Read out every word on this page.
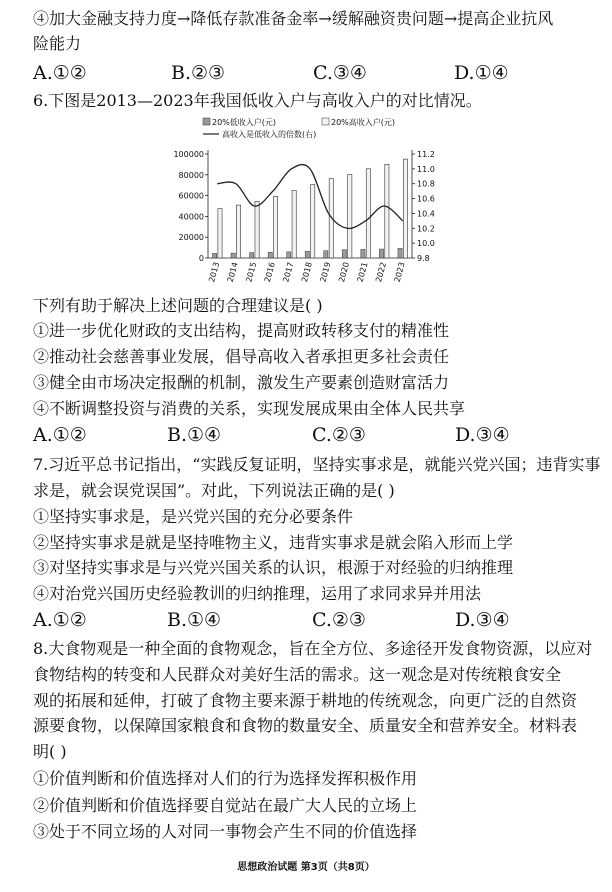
④加大金融支持力度→降低存款准备金率→缓解融资贵问题→提高企业抗风
险能力
A.①②	B.②③	C.③④	D.①④
6.下图是2013—2023年我国低收入户与高收入户的对比情况。
20%低收入户(元)	20%高收入户(元)
高收入是低收入的倍数(右)
100000
80000
60000
40000
20000
0
11.2
11.0
10.8
10.6
10.4
10.2
10.0
9.8
2013 2014 2015 2016 2017 2018 2019 2020 2021 2022 2023
下列有助于解决上述问题的合理建议是( )
①进一步优化财政的支出结构，提高财政转移支付的精准性
②推动社会慈善事业发展，倡导高收入者承担更多社会责任
③健全由市场决定报酬的机制，激发生产要素创造财富活力
④不断调整投资与消费的关系，实现发展成果由全体人民共享
A.①②	B.①④	C.②③	D.③④
7.习近平总书记指出，“实践反复证明，坚持实事求是，就能兴党兴国；违背实事
求是，就会误党误国”。对此，下列说法正确的是( )
①坚持实事求是，是兴党兴国的充分必要条件
②坚持实事求是就是坚持唯物主义，违背实事求是就会陷入形而上学
③对坚持实事求是与兴党兴国关系的认识，根源于对经验的归纳推理
④对治党兴国历史经验教训的归纳推理，运用了求同求异并用法
A.①②	B.①④	C.②③	D.③④
8.大食物观是一种全面的食物观念，旨在全方位、多途径开发食物资源，以应对
食物结构的转变和人民群众对美好生活的需求。这一观念是对传统粮食安全
观的拓展和延伸，打破了食物主要来源于耕地的传统观念，向更广泛的自然资
源要食物，以保障国家粮食和食物的数量安全、质量安全和营养安全。材料表
明( )
①价值判断和价值选择对人们的行为选择发挥积极作用
②价值判断和价值选择要自觉站在最广大人民的立场上
③处于不同立场的人对同一事物会产生不同的价值选择
思想政治试题 第3页（共8页）
